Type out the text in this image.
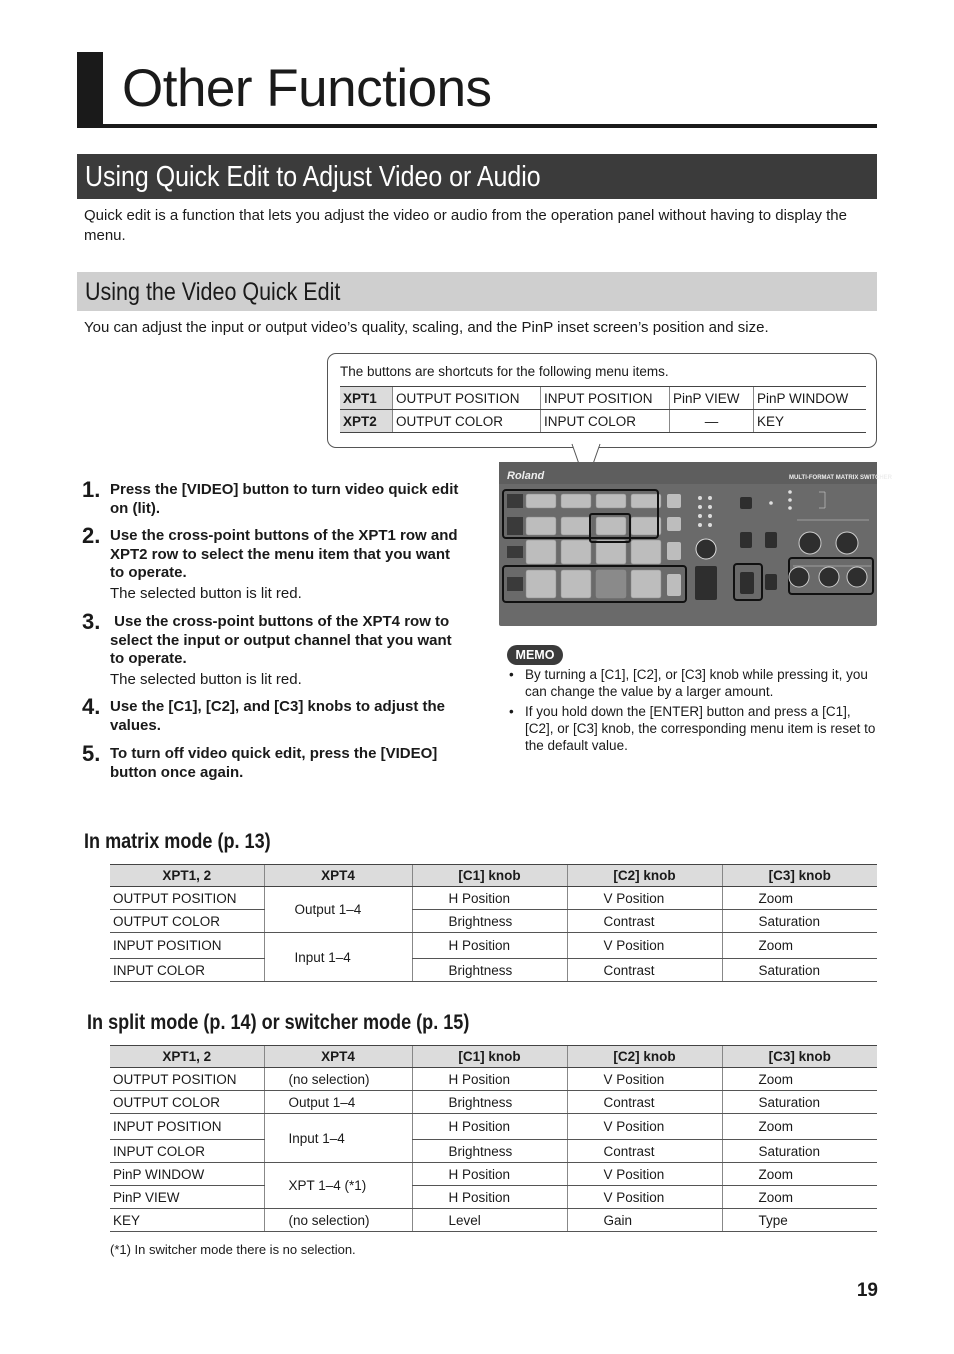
Other Functions
Using Quick Edit to Adjust Video or Audio
Quick edit is a function that lets you adjust the video or audio from the operation panel without having to display the menu.
Using the Video Quick Edit
You can adjust the input or output video’s quality, scaling, and the PinP inset screen’s position and size.
The buttons are shortcuts for the following menu items.
XPT1	OUTPUT POSITION	INPUT POSITION	PinP VIEW	PinP WINDOW
XPT2	OUTPUT COLOR	INPUT COLOR	—	KEY
1. Press the [VIDEO] button to turn video quick edit on (lit).
2. Use the cross-point buttons of the XPT1 row and XPT2 row to select the menu item that you want to operate.
The selected button is lit red.
3. Use the cross-point buttons of the XPT4 row to select the input or output channel that you want to operate.
The selected button is lit red.
4. Use the [C1], [C2], and [C3] knobs to adjust the values.
5. To turn off video quick edit, press the [VIDEO] button once again.
Roland	MULTI-FORMAT MATRIX SWITCHER
MEMO
• By turning a [C1], [C2], or [C3] knob while pressing it, you can change the value by a larger amount.
• If you hold down the [ENTER] button and press a [C1], [C2], or [C3] knob, the corresponding menu item is reset to the default value.
In matrix mode (p. 13)
XPT1, 2	XPT4	[C1] knob	[C2] knob	[C3] knob
OUTPUT POSITION	Output 1–4	H Position	V Position	Zoom
OUTPUT COLOR		Brightness	Contrast	Saturation
INPUT POSITION	Input 1–4	H Position	V Position	Zoom
INPUT COLOR		Brightness	Contrast	Saturation
In split mode (p. 14) or switcher mode (p. 15)
XPT1, 2	XPT4	[C1] knob	[C2] knob	[C3] knob
OUTPUT POSITION	(no selection)	H Position	V Position	Zoom
OUTPUT COLOR	Output 1–4	Brightness	Contrast	Saturation
INPUT POSITION	Input 1–4	H Position	V Position	Zoom
INPUT COLOR		Brightness	Contrast	Saturation
PinP WINDOW	XPT 1–4 (*1)	H Position	V Position	Zoom
PinP VIEW		H Position	V Position	Zoom
KEY	(no selection)	Level	Gain	Type
(*1) In switcher mode there is no selection.
19
